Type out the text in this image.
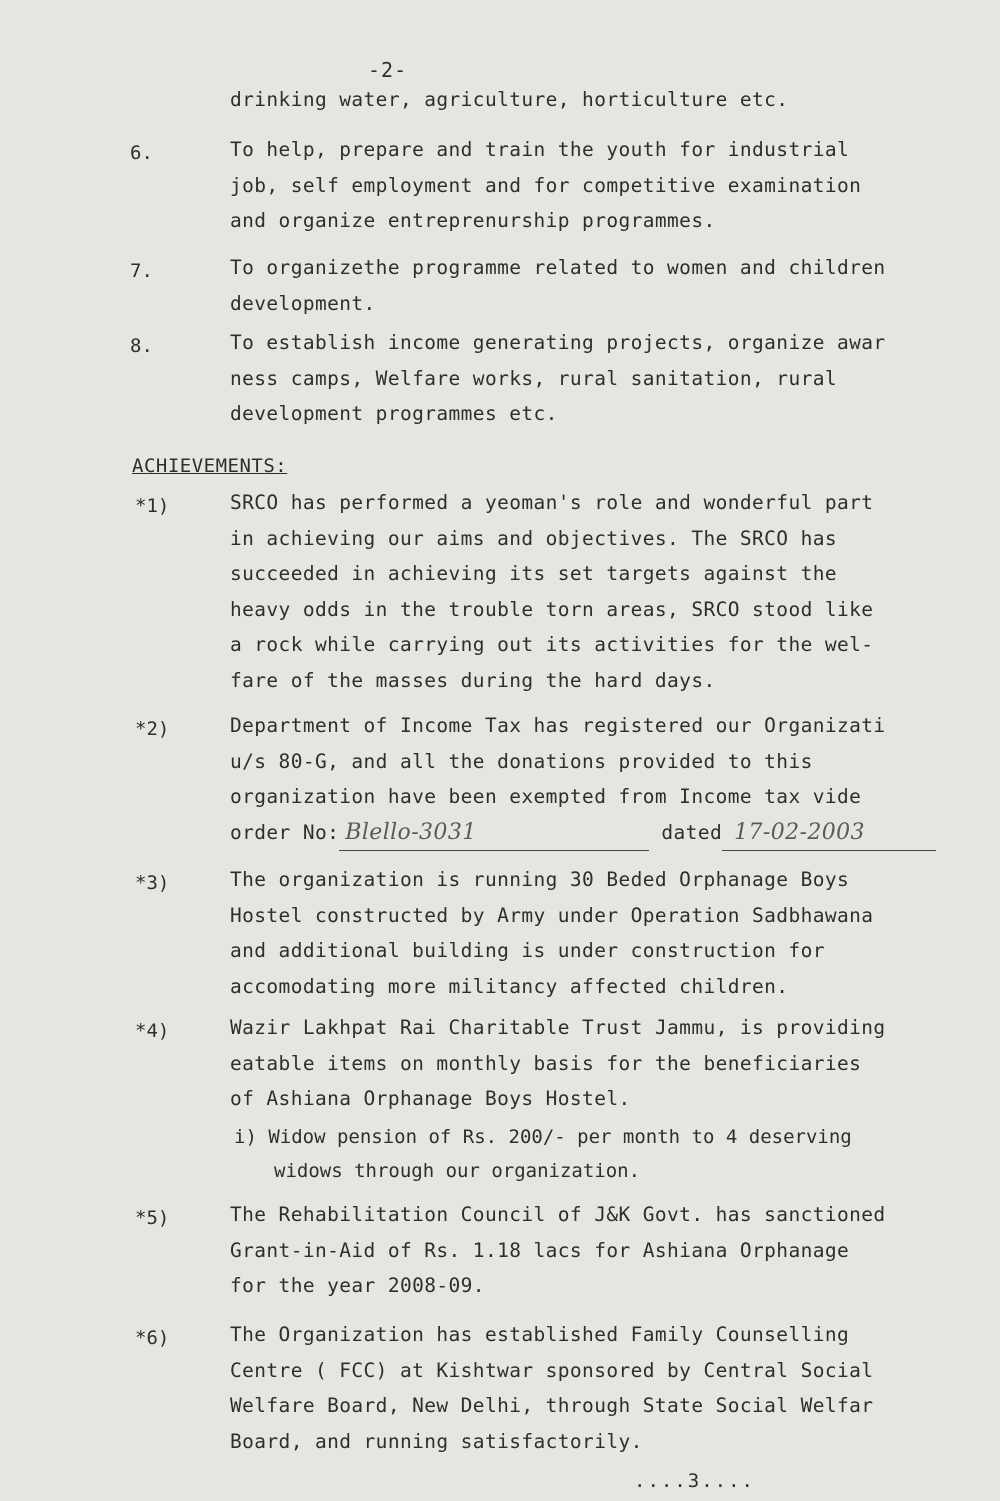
-2-
drinking water, agriculture, horticulture etc.
6.	To help, prepare and train the youth for industrial
job, self employment and for competitive examination
and organize entreprenurship programmes.
7.	To organizethe programme related to women and children
development.
8.	To establish income generating projects, organize awar
ness camps, Welfare works, rural sanitation, rural
development programmes etc.
ACHIEVEMENTS:
*1)	SRCO has performed a yeoman's role and wonderful part
in achieving our aims and objectives. The SRCO has
succeeded in achieving its set targets against the
heavy odds in the trouble torn areas, SRCO stood like
a rock while carrying out its activities for the wel-
fare of the masses during the hard days.
*2)	Department of Income Tax has registered our Organizati
u/s 80-G, and all the donations provided to this
organization have been exempted from Income tax vide
order No: Blello-3031	dated 17-02-2003
*3)	The organization is running 30 Beded Orphanage Boys
Hostel constructed by Army under Operation Sadbhawana
and additional building is under construction for
accomodating more militancy affected children.
*4)	Wazir Lakhpat Rai Charitable Trust Jammu, is providing
eatable items on monthly basis for the beneficiaries
of Ashiana Orphanage Boys Hostel.
i) Widow pension of Rs. 200/- per month to 4 deserving
widows through our organization.
*5)	The Rehabilitation Council of J&K Govt. has sanctioned
Grant-in-Aid of Rs. 1.18 lacs for Ashiana Orphanage
for the year 2008-09.
*6)	The Organization has established Family Counselling
Centre ( FCC) at Kishtwar sponsored by Central Social
Welfare Board, New Delhi, through State Social Welfar
Board, and running satisfactorily.
....3....
